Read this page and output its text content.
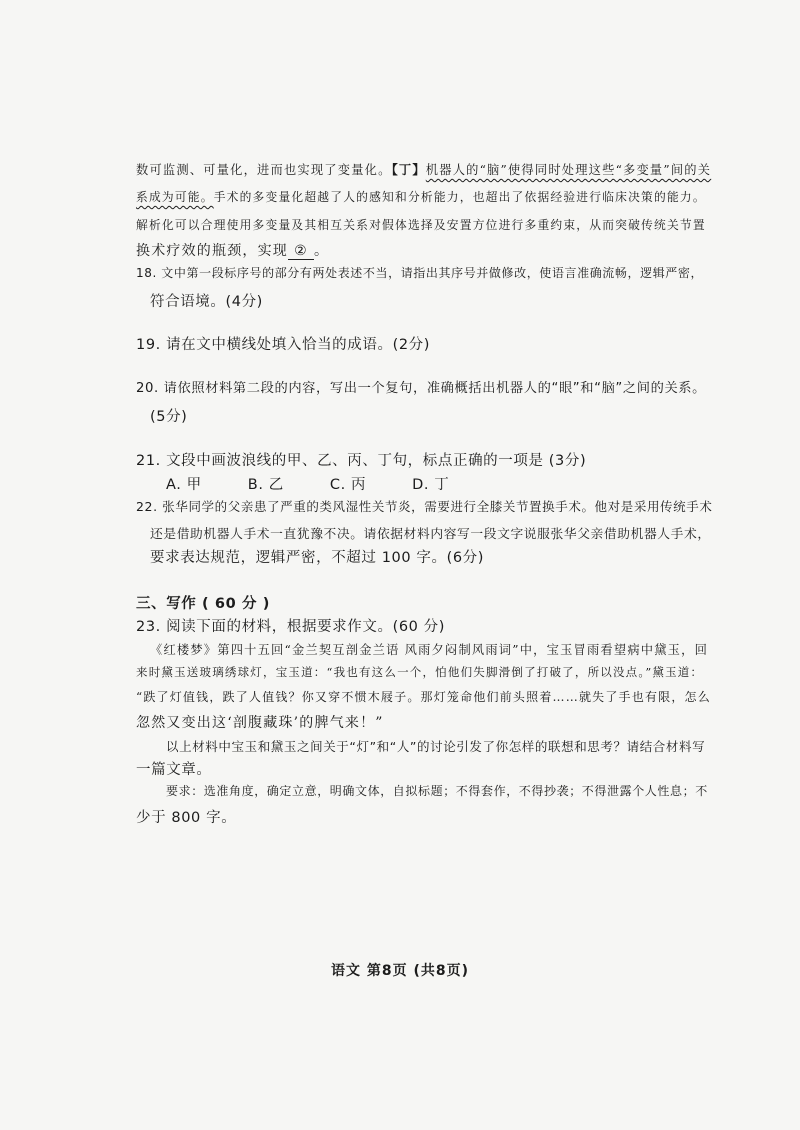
数可监测、可量化，进而也实现了变量化。【丁】机器人的“脑”使得同时处理这些“多变量”间的关
系成为可能。手术的多变量化超越了人的感知和分析能力，也超出了依据经验进行临床决策的能力。
解析化可以合理使用多变量及其相互关系对假体选择及安置方位进行多重约束，从而突破传统关节置
换术疗效的瓶颈，实现 ② 。
18. 文中第一段标序号的部分有两处表述不当，请指出其序号并做修改，使语言准确流畅，逻辑严密，
符合语境。(4分)
19. 请在文中横线处填入恰当的成语。(2分)
20. 请依照材料第二段的内容，写出一个复句，准确概括出机器人的“眼”和“脑”之间的关系。
(5分)
21. 文段中画波浪线的甲、乙、丙、丁句，标点正确的一项是 (3分)
A. 甲	B. 乙	C. 丙	D. 丁
22. 张华同学的父亲患了严重的类风湿性关节炎，需要进行全膝关节置换手术。他对是采用传统手术
还是借助机器人手术一直犹豫不决。请依据材料内容写一段文字说服张华父亲借助机器人手术，
要求表达规范，逻辑严密，不超过 100 字。(6分)
三、写作 ( 60 分 )
23. 阅读下面的材料，根据要求作文。(60 分)
《红楼梦》第四十五回“金兰契互剖金兰语 风雨夕闷制风雨词”中，宝玉冒雨看望病中黛玉，回
来时黛玉送玻璃绣球灯，宝玉道：“我也有这么一个，怕他们失脚滑倒了打破了，所以没点。”黛玉道：
“跌了灯值钱，跌了人值钱？你又穿不惯木屐子。那灯笼命他们前头照着……就失了手也有限，怎么
忽然又变出这‘剖腹藏珠’的脾气来！”
以上材料中宝玉和黛玉之间关于“灯”和“人”的讨论引发了你怎样的联想和思考？请结合材料写
一篇文章。
要求：选准角度，确定立意，明确文体，自拟标题；不得套作，不得抄袭；不得泄露个人性息；不
少于 800 字。
语文 第8页 (共8页)
